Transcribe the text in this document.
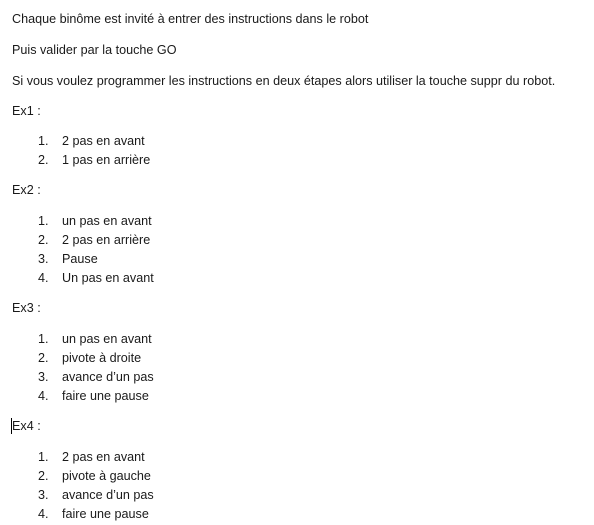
Chaque binôme est invité à entrer des instructions dans le robot
Puis valider par la touche GO
Si vous voulez programmer les instructions en deux étapes alors utiliser la touche suppr du robot.
Ex1 :
1.	2 pas en avant
2.	1 pas en arrière
Ex2 :
1.	un pas en avant
2.	2 pas en arrière
3.	Pause
4.	Un pas en avant
Ex3 :
1.	un pas en avant
2.	pivote à droite
3.	avance d’un pas
4.	faire une pause
Ex4 :
1.	2 pas en avant
2.	pivote à gauche
3.	avance d’un pas
4.	faire une pause
